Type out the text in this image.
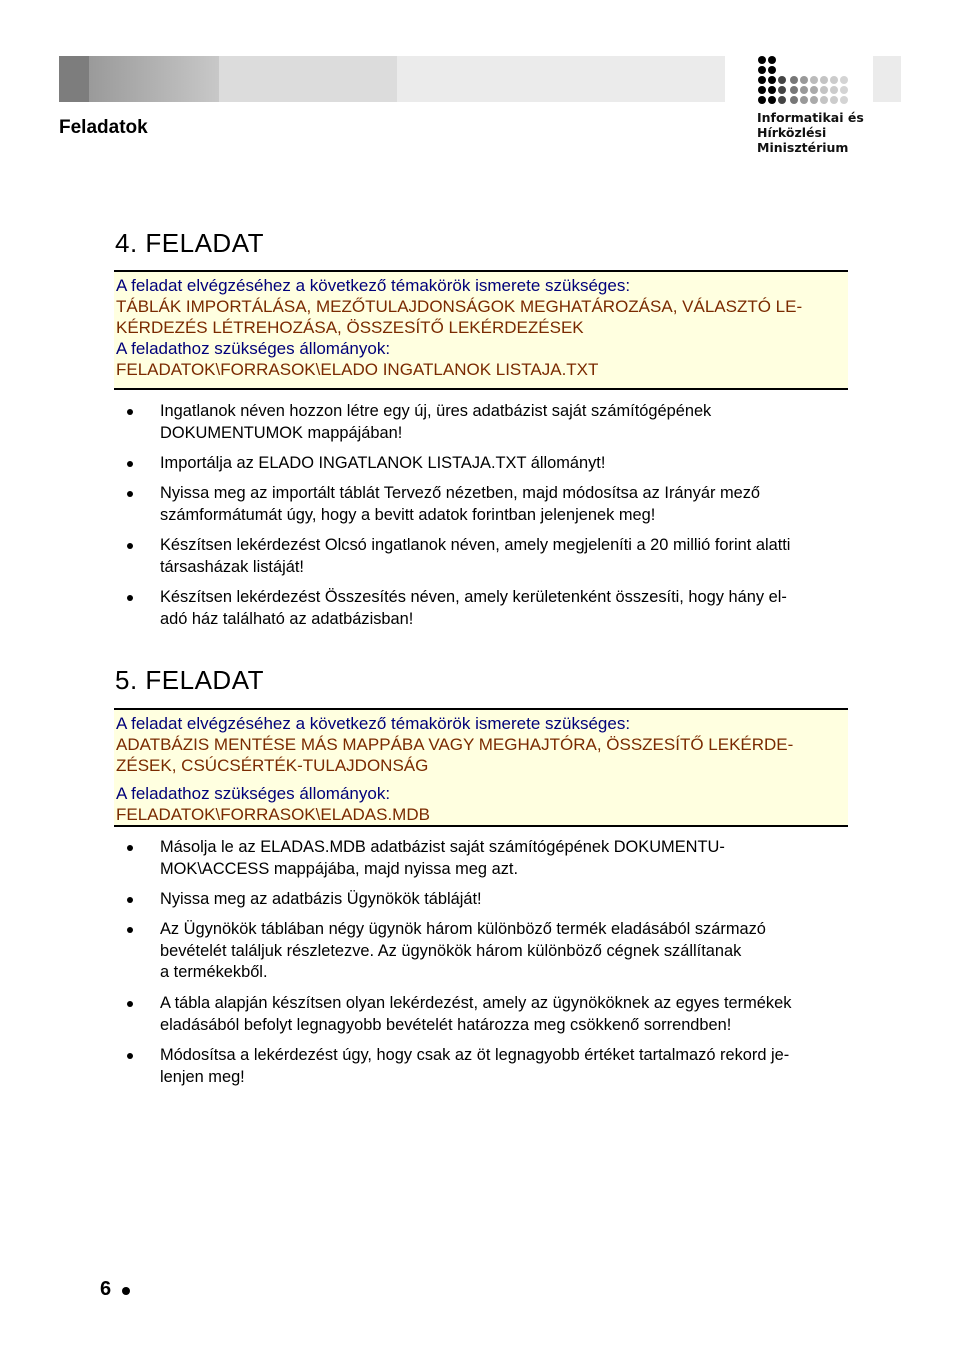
Feladatok	Informatikai és
Hírközlési
Minisztérium
4. FELADAT
A feladat elvégzéséhez a következő témakörök ismerete szükséges:
TÁBLÁK IMPORTÁLÁSA, MEZŐTULAJDONSÁGOK MEGHATÁROZÁSA, VÁLASZTÓ LE-
KÉRDEZÉS LÉTREHOZÁSA, ÖSSZESÍTŐ LEKÉRDEZÉSEK
A feladathoz szükséges állományok:
FELADATOK\FORRASOK\ELADO INGATLANOK LISTAJA.TXT
Ingatlanok néven hozzon létre egy új, üres adatbázist saját számítógépének
DOKUMENTUMOK mappájában!
Importálja az ELADO INGATLANOK LISTAJA.TXT állományt!
Nyissa meg az importált táblát Tervező nézetben, majd módosítsa az Irányár mező
számformátumát úgy, hogy a bevitt adatok forintban jelenjenek meg!
Készítsen lekérdezést Olcsó ingatlanok néven, amely megjeleníti a 20 millió forint alatti
társasházak listáját!
Készítsen lekérdezést Összesítés néven, amely kerületenként összesíti, hogy hány el-
adó ház található az adatbázisban!
5. FELADAT
A feladat elvégzéséhez a következő témakörök ismerete szükséges:
ADATBÁZIS MENTÉSE MÁS MAPPÁBA VAGY MEGHAJTÓRA, ÖSSZESÍTŐ LEKÉRDE-
ZÉSEK, CSÚCSÉRTÉK-TULAJDONSÁG
A feladathoz szükséges állományok:
FELADATOK\FORRASOK\ELADAS.MDB
Másolja le az ELADAS.MDB adatbázist saját számítógépének DOKUMENTU-
MOK\ACCESS mappájába, majd nyissa meg azt.
Nyissa meg az adatbázis Ügynökök tábláját!
Az Ügynökök táblában négy ügynök három különböző termék eladásából származó
bevételét találjuk részletezve. Az ügynökök három különböző cégnek szállítanak
a termékekből.
A tábla alapján készítsen olyan lekérdezést, amely az ügynököknek az egyes termékek
eladásából befolyt legnagyobb bevételét határozza meg csökkenő sorrendben!
Módosítsa a lekérdezést úgy, hogy csak az öt legnagyobb értéket tartalmazó rekord je-
lenjen meg!
6
